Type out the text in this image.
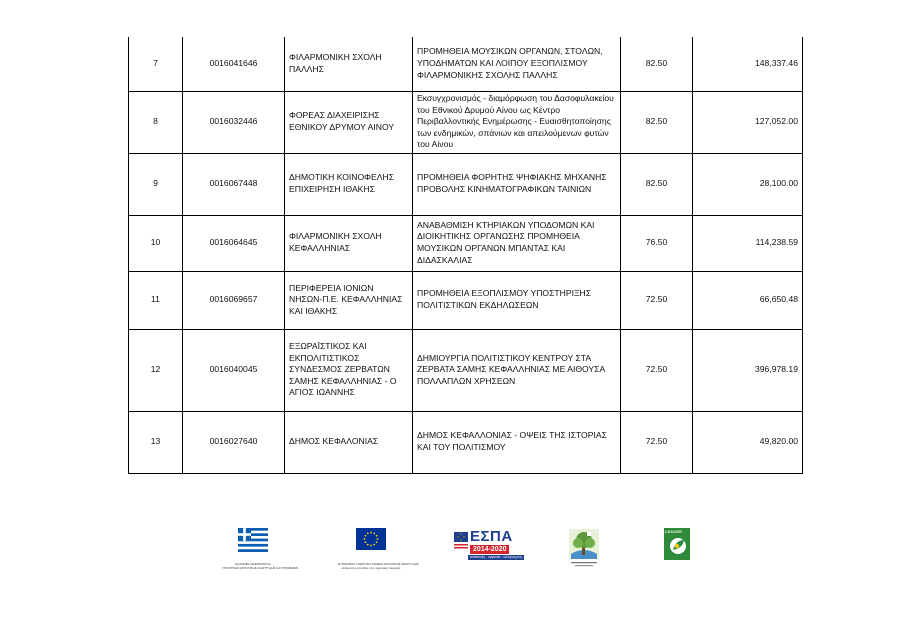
7	0016041646	ΦΙΛΑΡΜΟΝΙΚΗ ΣΧΟΛΗ ΠΑΛΛΗΣ	ΠΡΟΜΗΘΕΙΑ ΜΟΥΣΙΚΩΝ ΟΡΓΑΝΩΝ, ΣΤΟΛΩΝ, ΥΠΟΔΗΜΑΤΩΝ ΚΑΙ ΛΟΙΠΟΥ ΕΞΟΠΛΙΣΜΟΥ ΦΙΛΑΡΜΟΝΙΚΗΣ ΣΧΟΛΗΣ ΠΑΛΛΗΣ	82.50	148,337.46
8	0016032446	ΦΟΡΕΑΣ ΔΙΑΧΕΙΡΙΣΗΣ ΕΘΝΙΚΟΥ ΔΡΥΜΟΥ ΑΙΝΟΥ	Εκσυγχρονισμός - διαμόρφωση του Δασοφυλακείου του Εθνικού Δρυμού Αίνου ως Κέντρο Περιβαλλοντικής Ενημέρωσης - Ευαισθητοποίησης των ενδημικών, σπάνιων και απειλούμενων φυτών του Αίνου	82.50	127,052.00
9	0016067448	ΔΗΜΟΤΙΚΗ ΚΟΙΝΟΦΕΛΗΣ ΕΠΙΧΕΙΡΗΣΗ ΙΘΑΚΗΣ	ΠΡΟΜΗΘΕΙΑ ΦΟΡΗΤΗΣ ΨΗΦΙΑΚΗΣ ΜΗΧΑΝΗΣ ΠΡΟΒΟΛΗΣ ΚΙΝΗΜΑΤΟΓΡΑΦΙΚΩΝ ΤΑΙΝΙΩΝ	82.50	28,100.00
10	0016064645	ΦΙΛΑΡΜΟΝΙΚΗ ΣΧΟΛΗ ΚΕΦΑΛΛΗΝΙΑΣ	ΑΝΑΒΑΘΜΙΣΗ ΚΤΗΡΙΑΚΩΝ ΥΠΟΔΟΜΩΝ ΚΑΙ ΔΙΟΙΚΗΤΙΚΗΣ ΟΡΓΑΝΩΣΗΣ ΠΡΟΜΗΘΕΙΑ ΜΟΥΣΙΚΩΝ ΟΡΓΑΝΩΝ ΜΠΑΝΤΑΣ ΚΑΙ ΔΙΔΑΣΚΑΛΙΑΣ	76.50	114,238.59
11	0016069657	ΠΕΡΙΦΕΡΕΙΑ ΙΟΝΙΩΝ ΝΗΣΩΝ-Π.Ε. ΚΕΦΑΛΛΗΝΙΑΣ ΚΑΙ ΙΘΑΚΗΣ	ΠΡΟΜΗΘΕΙΑ ΕΞΟΠΛΙΣΜΟΥ ΥΠΟΣΤΗΡΙΞΗΣ ΠΟΛΙΤΙΣΤΙΚΩΝ ΕΚΔΗΛΩΣΕΩΝ	72.50	66,650.48
12	0016040045	ΕΞΩΡΑΪΣΤΙΚΟΣ ΚΑΙ ΕΚΠΟΛΙΤΙΣΤΙΚΟΣ ΣΥΝΔΕΣΜΟΣ ΖΕΡΒΑΤΩΝ ΣΑΜΗΣ ΚΕΦΑΛΛΗΝΙΑΣ - Ο ΑΓΙΟΣ ΙΩΑΝΝΗΣ	ΔΗΜΙΟΥΡΓΙΑ ΠΟΛΙΤΙΣΤΙΚΟΥ ΚΕΝΤΡΟΥ ΣΤΑ ΖΕΡΒΑΤΑ ΣΑΜΗΣ ΚΕΦΑΛΛΗΝΙΑΣ ΜΕ ΑΙΘΟΥΣΑ ΠΟΛΛΑΠΛΩΝ ΧΡΗΣΕΩΝ	72.50	396,978.19
13	0016027640	ΔΗΜΟΣ ΚΕΦΑΛΟΝΙΑΣ	ΔΗΜΟΣ ΚΕΦΑΛΛΟΝΙΑΣ - ΟΨΕΙΣ ΤΗΣ ΙΣΤΟΡΙΑΣ ΚΑΙ ΤΟΥ ΠΟΛΙΤΙΣΜΟΥ	72.50	49,820.00
ΕΛΛΗΝΙΚΗ ΔΗΜΟΚΡΑΤΙΑ
ΥΠΟΥΡΓΕΙΟ ΑΓΡΟΤΙΚΗΣ ΑΝΑΠΤΥΞΗΣ ΚΑΙ ΤΡΟΦΙΜΩΝ
ΕΥΡΩΠΑΪΚΟ ΓΕΩΡΓΙΚΟ ΤΑΜΕΙΟ ΑΓΡΟΤΙΚΗΣ ΑΝΑΠΤΥΞΗΣ
Η Ευρώπη επενδύει στις αγροτικές περιοχές
ΕΣΠΑ
2014-2020
ανάπτυξη - εργασία - αλληλεγγύη
LEADER
